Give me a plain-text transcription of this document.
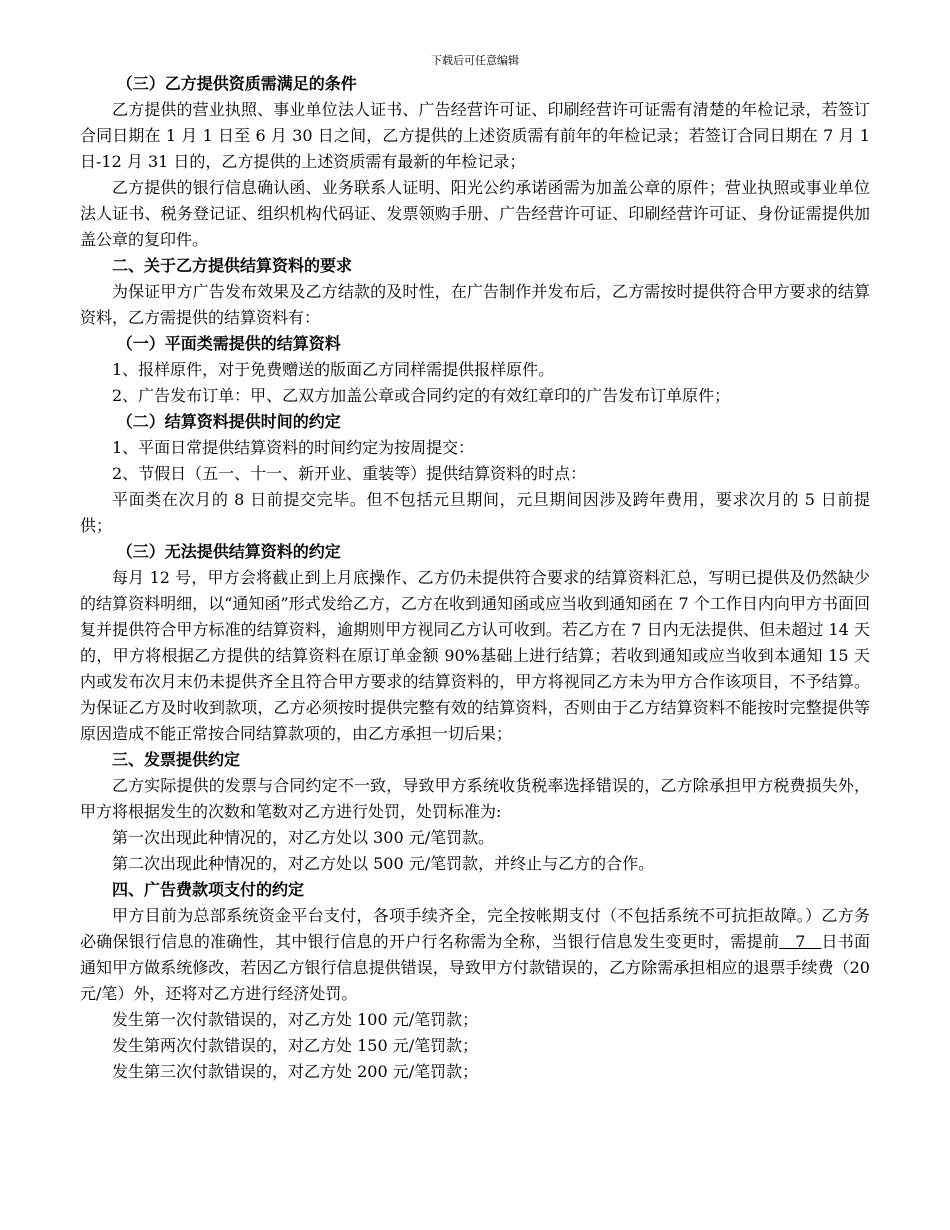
下载后可任意编辑

（三）乙方提供资质需满足的条件

乙方提供的营业执照、事业单位法人证书、广告经营许可证、印刷经营许可证需有清楚的年检记录，若签订合同日期在 1 月 1 日至 6 月 30 日之间，乙方提供的上述资质需有前年的年检记录；若签订合同日期在 7 月 1 日-12 月 31 日的，乙方提供的上述资质需有最新的年检记录；

乙方提供的银行信息确认函、业务联系人证明、阳光公约承诺函需为加盖公章的原件；营业执照或事业单位法人证书、税务登记证、组织机构代码证、发票领购手册、广告经营许可证、印刷经营许可证、身份证需提供加盖公章的复印件。

二、关于乙方提供结算资料的要求

为保证甲方广告发布效果及乙方结款的及时性，在广告制作并发布后，乙方需按时提供符合甲方要求的结算资料，乙方需提供的结算资料有：

（一）平面类需提供的结算资料

1、报样原件，对于免费赠送的版面乙方同样需提供报样原件。

2、广告发布订单：甲、乙双方加盖公章或合同约定的有效红章印的广告发布订单原件；

（二）结算资料提供时间的约定

1、平面日常提供结算资料的时间约定为按周提交：

2、节假日（五一、十一、新开业、重装等）提供结算资料的时点：

平面类在次月的 8 日前提交完毕。但不包括元旦期间，元旦期间因涉及跨年费用，要求次月的 5 日前提供；

（三）无法提供结算资料的约定

每月 12 号，甲方会将截止到上月底操作、乙方仍未提供符合要求的结算资料汇总，写明已提供及仍然缺少的结算资料明细，以“通知函”形式发给乙方，乙方在收到通知函或应当收到通知函在 7 个工作日内向甲方书面回复并提供符合甲方标准的结算资料，逾期则甲方视同乙方认可收到。若乙方在 7 日内无法提供、但未超过 14 天的，甲方将根据乙方提供的结算资料在原订单金额 90%基础上进行结算；若收到通知或应当收到本通知 15 天内或发布次月末仍未提供齐全且符合甲方要求的结算资料的，甲方将视同乙方未为甲方合作该项目，不予结算。为保证乙方及时收到款项，乙方必须按时提供完整有效的结算资料，否则由于乙方结算资料不能按时完整提供等原因造成不能正常按合同结算款项的，由乙方承担一切后果；

三、发票提供约定

乙方实际提供的发票与合同约定不一致，导致甲方系统收货税率选择错误的，乙方除承担甲方税费损失外，甲方将根据发生的次数和笔数对乙方进行处罚，处罚标准为:

第一次出现此种情况的，对乙方处以 300 元/笔罚款。

第二次出现此种情况的，对乙方处以 500 元/笔罚款，并终止与乙方的合作。

四、广告费款项支付的约定

甲方目前为总部系统资金平台支付，各项手续齐全，完全按帐期支付（不包括系统不可抗拒故障。）乙方务必确保银行信息的准确性，其中银行信息的开户行名称需为全称，当银行信息发生变更时，需提前   7   日书面通知甲方做系统修改，若因乙方银行信息提供错误，导致甲方付款错误的，乙方除需承担相应的退票手续费（20 元/笔）外，还将对乙方进行经济处罚。

发生第一次付款错误的，对乙方处 100 元/笔罚款；

发生第两次付款错误的，对乙方处 150 元/笔罚款；

发生第三次付款错误的，对乙方处 200 元/笔罚款；
